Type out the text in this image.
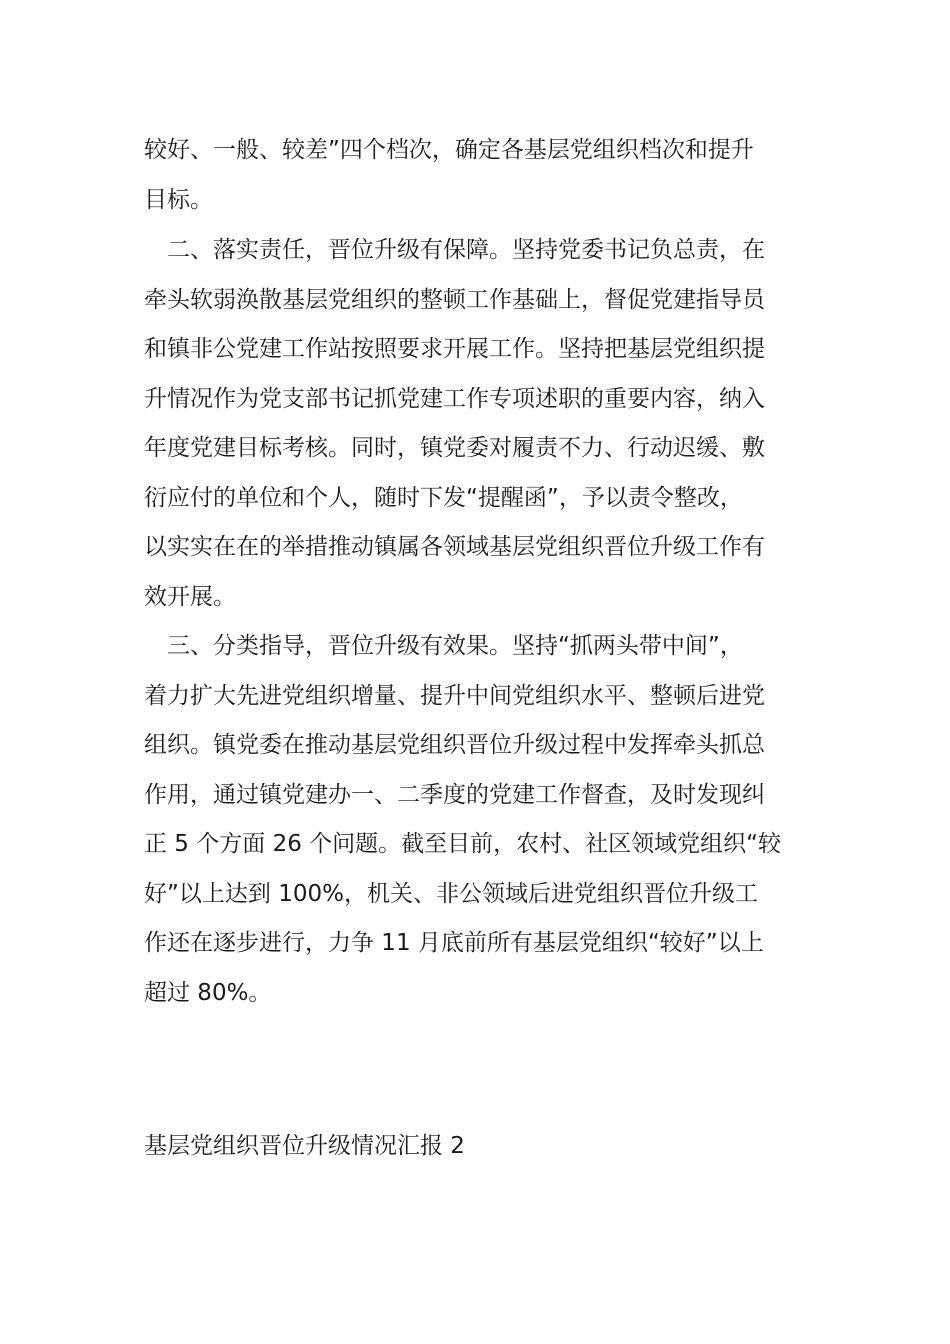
较好、一般、较差”四个档次，确定各基层党组织档次和提升
目标。
　二、落实责任，晋位升级有保障。坚持党委书记负总责，在
牵头软弱涣散基层党组织的整顿工作基础上，督促党建指导员
和镇非公党建工作站按照要求开展工作。坚持把基层党组织提
升情况作为党支部书记抓党建工作专项述职的重要内容，纳入
年度党建目标考核。同时，镇党委对履责不力、行动迟缓、敷
衍应付的单位和个人，随时下发“提醒函”，予以责令整改，
以实实在在的举措推动镇属各领域基层党组织晋位升级工作有
效开展。
　三、分类指导，晋位升级有效果。坚持“抓两头带中间”，
着力扩大先进党组织增量、提升中间党组织水平、整顿后进党
组织。镇党委在推动基层党组织晋位升级过程中发挥牵头抓总
作用，通过镇党建办一、二季度的党建工作督查，及时发现纠
正 5 个方面 26 个问题。截至目前，农村、社区领域党组织“较
好”以上达到 100%，机关、非公领域后进党组织晋位升级工
作还在逐步进行，力争 11 月底前所有基层党组织“较好”以上
超过 80%。
基层党组织晋位升级情况汇报 2
